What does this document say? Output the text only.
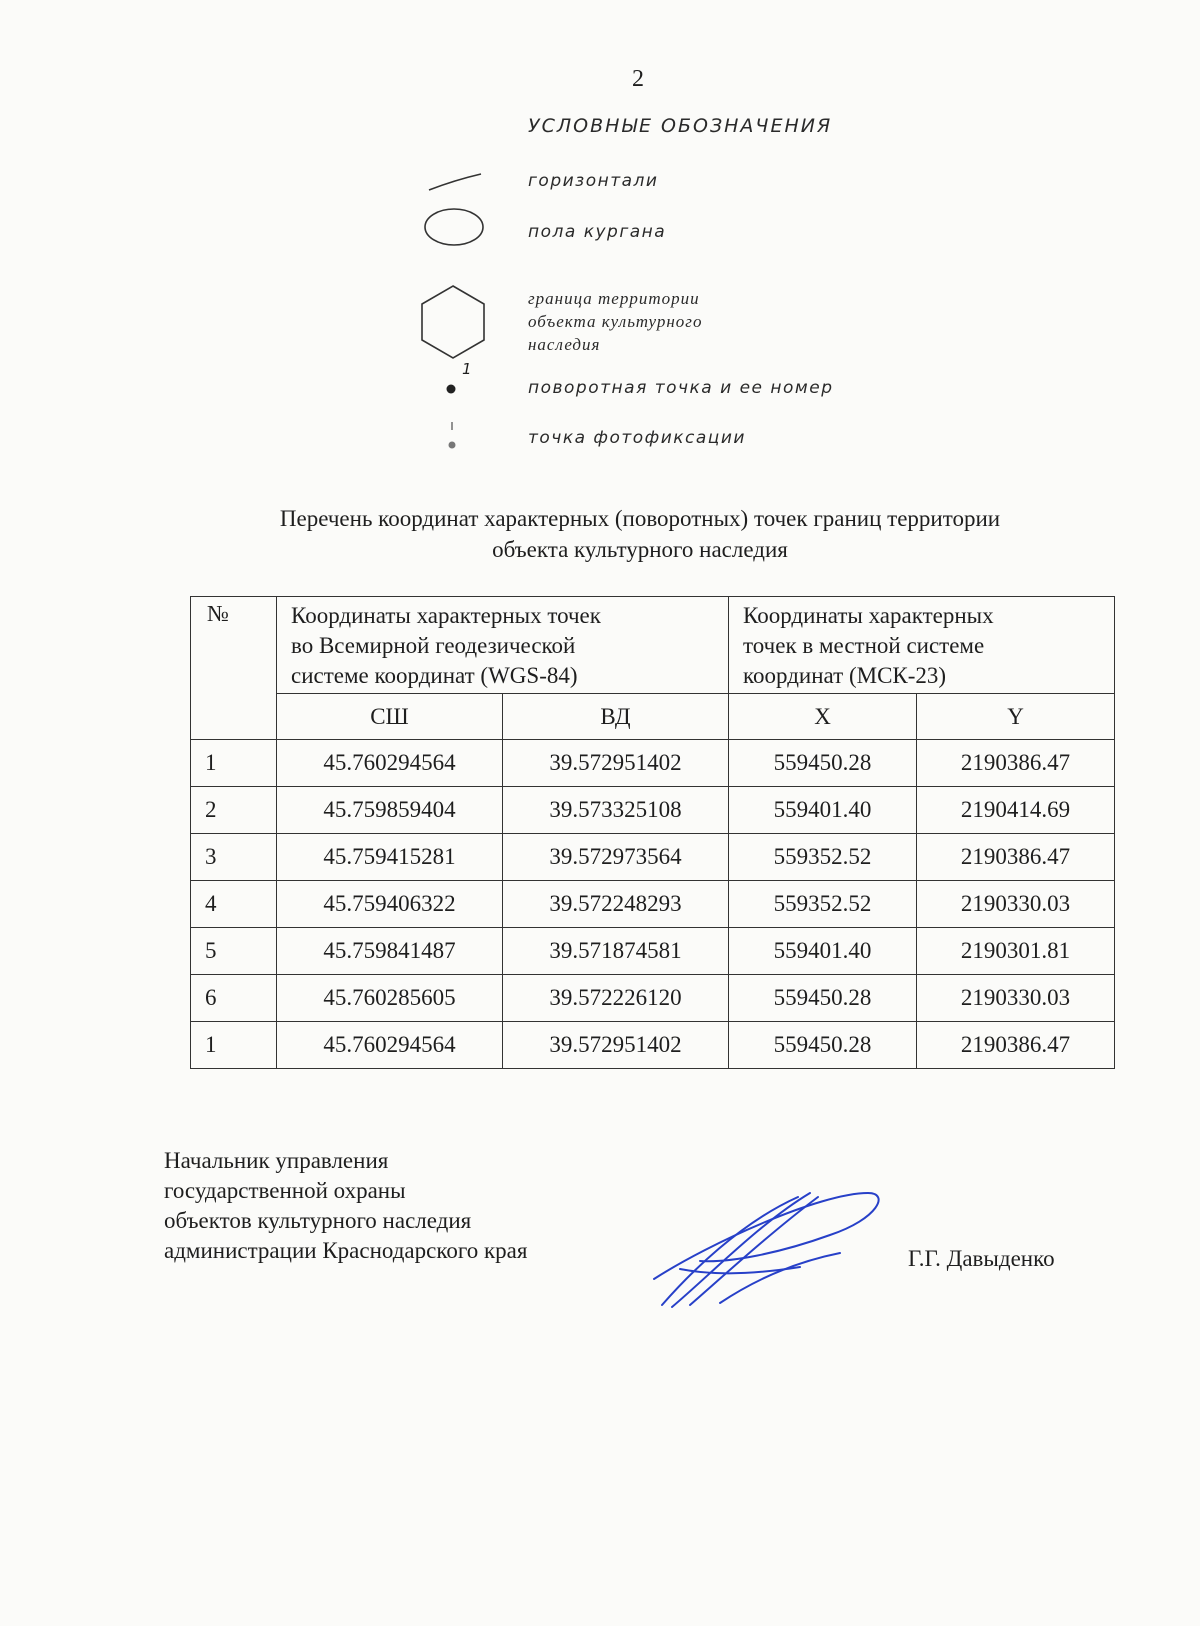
2
УСЛОВНЫЕ ОБОЗНАЧЕНИЯ
горизонтали
пола кургана
граница территории
объекта культурного
наследия
1
поворотная точка и ее номер
точка фотофиксации
Перечень координат характерных (поворотных) точек границ территории
объекта культурного наследия
№	Координаты характерных точек
во Всемирной геодезической
системе координат (WGS-84)		Координаты характерных
точек в местной системе
координат (МСК-23)	

	СШ	ВД	X	Y
1	45.760294564	39.572951402	559450.28	2190386.47
2	45.759859404	39.573325108	559401.40	2190414.69
3	45.759415281	39.572973564	559352.52	2190386.47
4	45.759406322	39.572248293	559352.52	2190330.03
5	45.759841487	39.571874581	559401.40	2190301.81
6	45.760285605	39.572226120	559450.28	2190330.03
1	45.760294564	39.572951402	559450.28	2190386.47
Начальник управления
государственной охраны
объектов культурного наследия
администрации Краснодарского края	Г.Г. Давыденко
